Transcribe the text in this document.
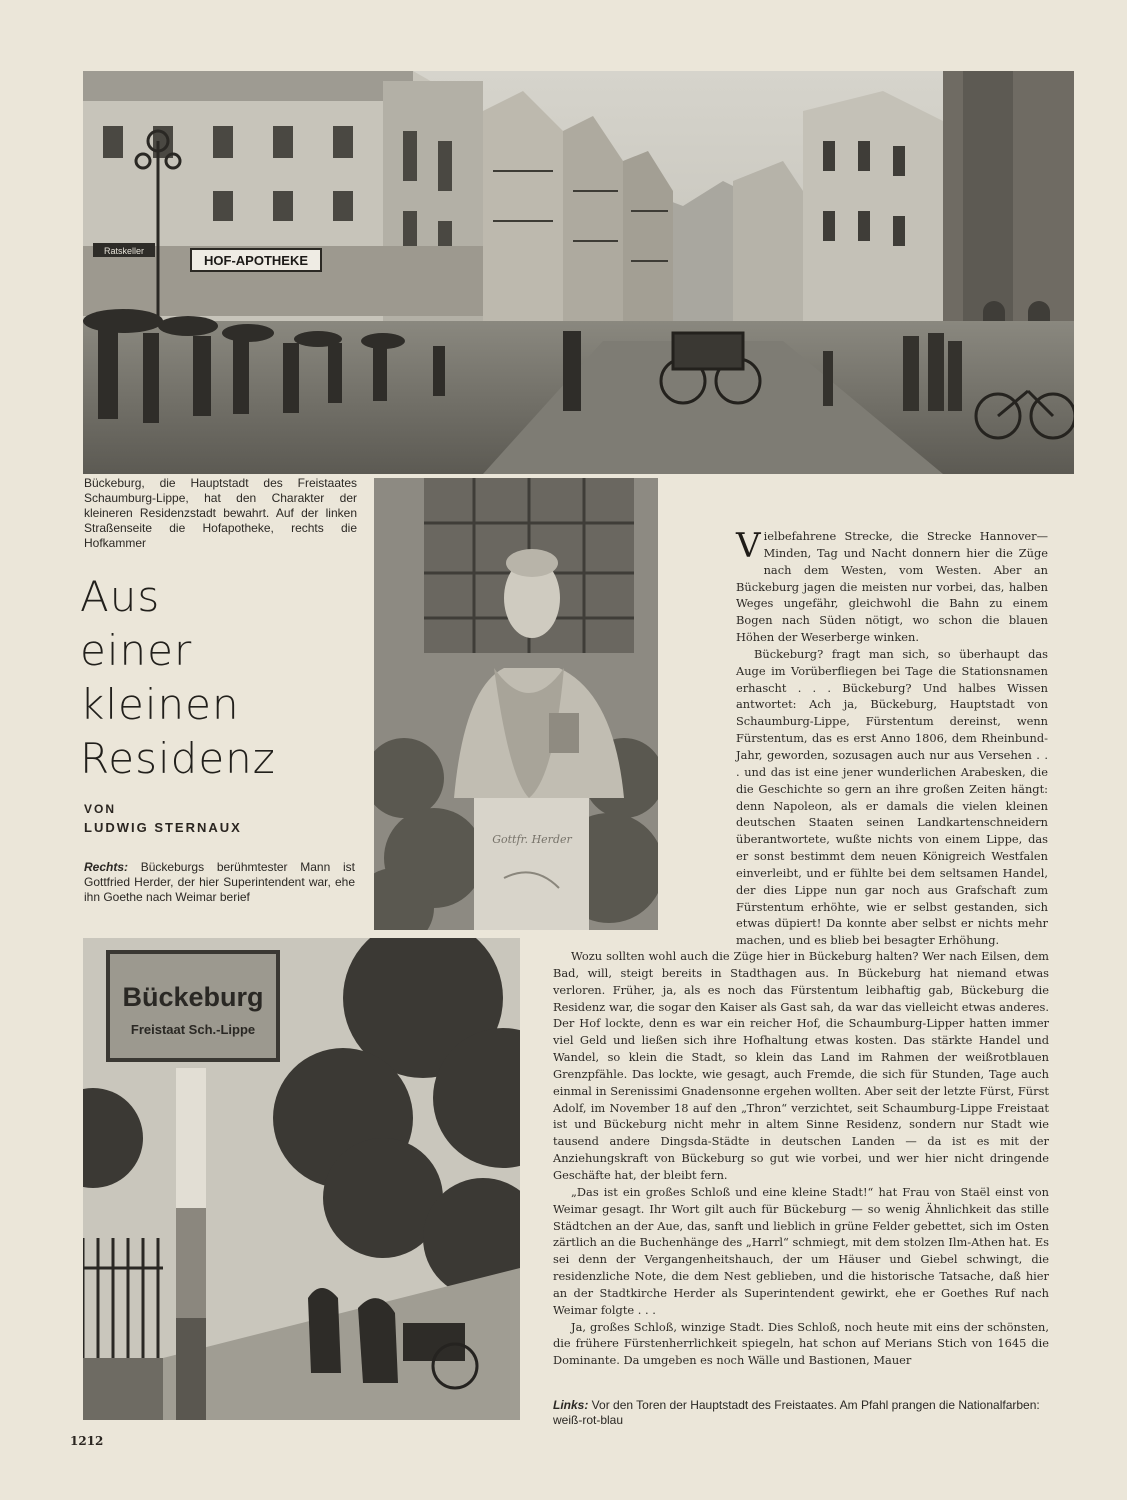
HOF-APOTHEKE
Ratskeller
Bückeburg, die Hauptstadt des Freistaates Schaumburg-Lippe, hat den Charakter der kleineren Residenzstadt bewahrt. Auf der linken Straßenseite die Hofapotheke, rechts die Hofkammer
Aus
einer
kleinen
Residenz
VON
LUDWIG STERNAUX
Gottfr. Herder
Rechts: Bückeburgs berühmtester Mann ist Gottfried Herder, der hier Superintendent war, ehe ihn Goethe nach Weimar berief
Bückeburg
Freistaat Sch.-Lippe

Vielbefahrene Strecke, die Strecke Hannover—Minden, Tag und Nacht donnern hier die Züge nach dem Westen, vom Westen. Aber an Bückeburg jagen die meisten nur vorbei, das, halben Weges ungefähr, gleichwohl die Bahn zu einem Bogen nach Süden nötigt, wo schon die blauen Höhen der Weserberge winken.

Bückeburg? fragt man sich, so überhaupt das Auge im Vorüberfliegen bei Tage die Stationsnamen erhascht . . . Bückeburg? Und halbes Wissen antwortet: Ach ja, Bückeburg, Hauptstadt von Schaumburg-Lippe, Fürstentum dereinst, wenn Fürstentum, das es erst Anno 1806, dem Rheinbund-Jahr, geworden, sozusagen auch nur aus Versehen . . . und das ist eine jener wunderlichen Arabesken, die die Geschichte so gern an ihre großen Zeiten hängt: denn Napoleon, als er damals die vielen kleinen deutschen Staaten seinen Landkartenschneidern überantwortete, wußte nichts von einem Lippe, das er sonst bestimmt dem neuen Königreich Westfalen einverleibt, und er fühlte bei dem seltsamen Handel, der dies Lippe nun gar noch aus Grafschaft zum Fürstentum erhöhte, wie er selbst gestanden, sich etwas düpiert! Da konnte aber selbst er nichts mehr machen, und es blieb bei besagter Erhöhung.

Wozu sollten wohl auch die Züge hier in Bückeburg halten? Wer nach Eilsen, dem Bad, will, steigt bereits in Stadthagen aus. In Bückeburg hat niemand etwas verloren. Früher, ja, als es noch das Fürstentum leibhaftig gab, Bückeburg die Residenz war, die sogar den Kaiser als Gast sah, da war das vielleicht etwas anderes. Der Hof lockte, denn es war ein reicher Hof, die Schaumburg-Lipper hatten immer viel Geld und ließen sich ihre Hofhaltung etwas kosten. Das stärkte Handel und Wandel, so klein die Stadt, so klein das Land im Rahmen der weißrotblauen Grenzpfähle. Das lockte, wie gesagt, auch Fremde, die sich für Stunden, Tage auch einmal in Serenissimi Gnadensonne ergehen wollten. Aber seit der letzte Fürst, Fürst Adolf, im November 18 auf den „Thron“ verzichtet, seit Schaumburg-Lippe Freistaat ist und Bückeburg nicht mehr in altem Sinne Residenz, sondern nur Stadt wie tausend andere Dingsda-Städte in deutschen Landen — da ist es mit der Anziehungskraft von Bückeburg so gut wie vorbei, und wer hier nicht dringende Geschäfte hat, der bleibt fern.

„Das ist ein großes Schloß und eine kleine Stadt!“ hat Frau von Staël einst von Weimar gesagt. Ihr Wort gilt auch für Bückeburg — so wenig Ähnlichkeit das stille Städtchen an der Aue, das, sanft und lieblich in grüne Felder gebettet, sich im Osten zärtlich an die Buchenhänge des „Harrl“ schmiegt, mit dem stolzen Ilm-Athen hat. Es sei denn der Vergangenheitshauch, der um Häuser und Giebel schwingt, die residenzliche Note, die dem Nest geblieben, und die historische Tatsache, daß hier an der Stadtkirche Herder als Superintendent gewirkt, ehe er Goethes Ruf nach Weimar folgte . . .

Ja, großes Schloß, winzige Stadt. Dies Schloß, noch heute mit eins der schönsten, die frühere Fürstenherrlichkeit spiegeln, hat schon auf Merians Stich von 1645 die Dominante. Da umgeben es noch Wälle und Bastionen, Mauer

Links: Vor den Toren der Hauptstadt des Freistaates. Am Pfahl prangen die Nationalfarben: weiß-rot-blau
1212
